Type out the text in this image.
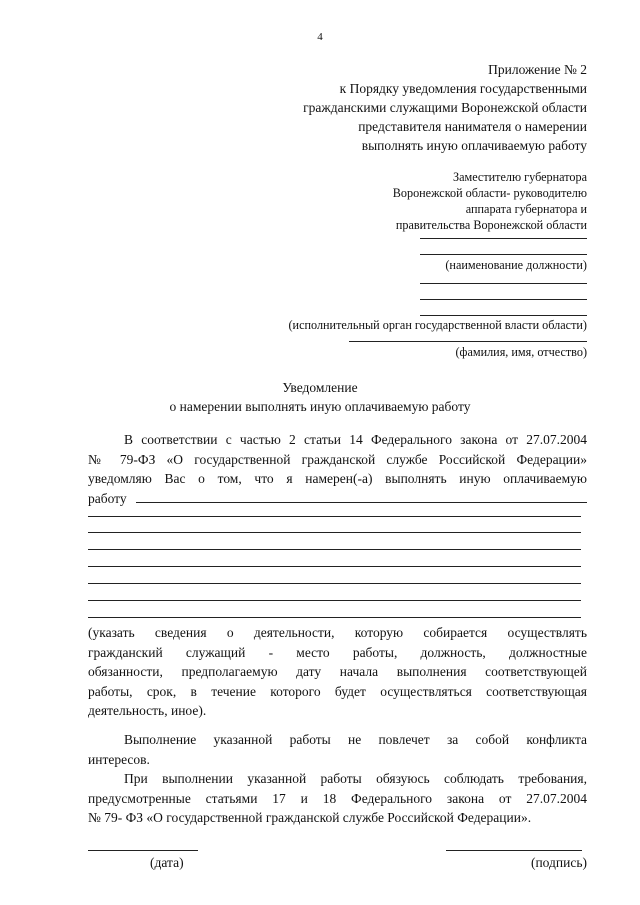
4
Приложение № 2
к Порядку уведомления государственными
гражданскими служащими Воронежской области
представителя нанимателя о намерении
выполнять иную оплачиваемую работу
Заместителю губернатора
Воронежской области- руководителю
аппарата губернатора и
правительства Воронежской области
(наименование должности)
(исполнительный орган государственной власти области)
(фамилия, имя, отчество)
Уведомление
о намерении выполнять иную оплачиваемую работу
В соответствии с частью 2 статьи 14 Федерального закона от 27.07.2004
№ 79-ФЗ «О государственной гражданской службе Российской Федерации»
уведомляю Вас о том, что я намерен(-а) выполнять иную оплачиваемую
работу
(указать сведения о деятельности, которую собирается осуществлять
гражданский служащий - место работы, должность, должностные
обязанности, предполагаемую дату начала выполнения соответствующей
работы, срок, в течение которого будет осуществляться соответствующая
деятельность, иное).
Выполнение указанной работы не повлечет за собой конфликта
интересов.
При выполнении указанной работы обязуюсь соблюдать требования,
предусмотренные статьями 17 и 18 Федерального закона от 27.07.2004
№ 79- ФЗ «О государственной гражданской службе Российской Федерации».
(дата)	(подпись)
